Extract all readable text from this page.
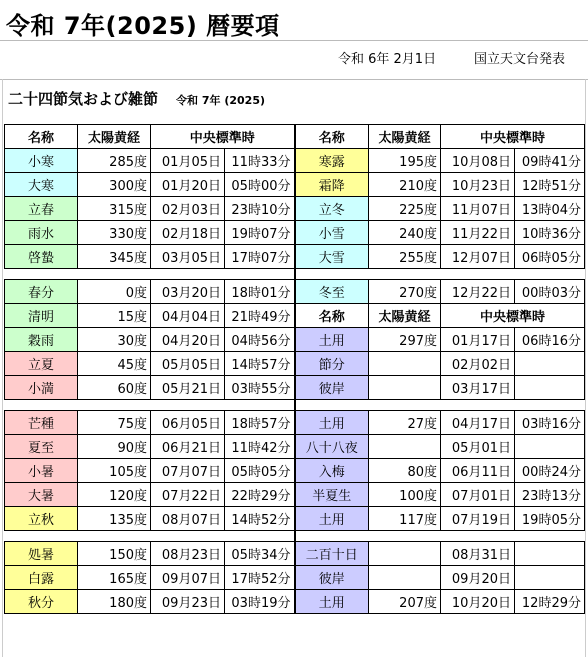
令和 7年(2025) 暦要項
令和 6年 2月1日	国立天文台発表
二十四節気および雑節 令和 7年 (2025)
名称	太陽黄経	中央標準時		名称	太陽黄経	中央標準時	
小寒	285度	01月05日	11時33分	寒露	195度	10月08日	09時41分
大寒	300度	01月20日	05時00分	霜降	210度	10月23日	12時51分
立春	315度	02月03日	23時10分	立冬	225度	11月07日	13時04分
雨水	330度	02月18日	19時07分	小雪	240度	11月22日	10時36分
啓蟄	345度	03月05日	17時07分	大雪	255度	12月07日	06時05分

春分	0度	03月20日	18時01分	冬至	270度	12月22日	00時03分
清明	15度	04月04日	21時49分	名称	太陽黄経	中央標準時	
穀雨	30度	04月20日	04時56分	土用	297度	01月17日	06時16分
立夏	45度	05月05日	14時57分	節分		02月02日	
小満	60度	05月21日	03時55分	彼岸		03月17日	

芒種	75度	06月05日	18時57分	土用	27度	04月17日	03時16分
夏至	90度	06月21日	11時42分	八十八夜		05月01日	
小暑	105度	07月07日	05時05分	入梅	80度	06月11日	00時24分
大暑	120度	07月22日	22時29分	半夏生	100度	07月01日	23時13分
立秋	135度	08月07日	14時52分	土用	117度	07月19日	19時05分

処暑	150度	08月23日	05時34分	二百十日		08月31日	
白露	165度	09月07日	17時52分	彼岸		09月20日	
秋分	180度	09月23日	03時19分	土用	207度	10月20日	12時29分
